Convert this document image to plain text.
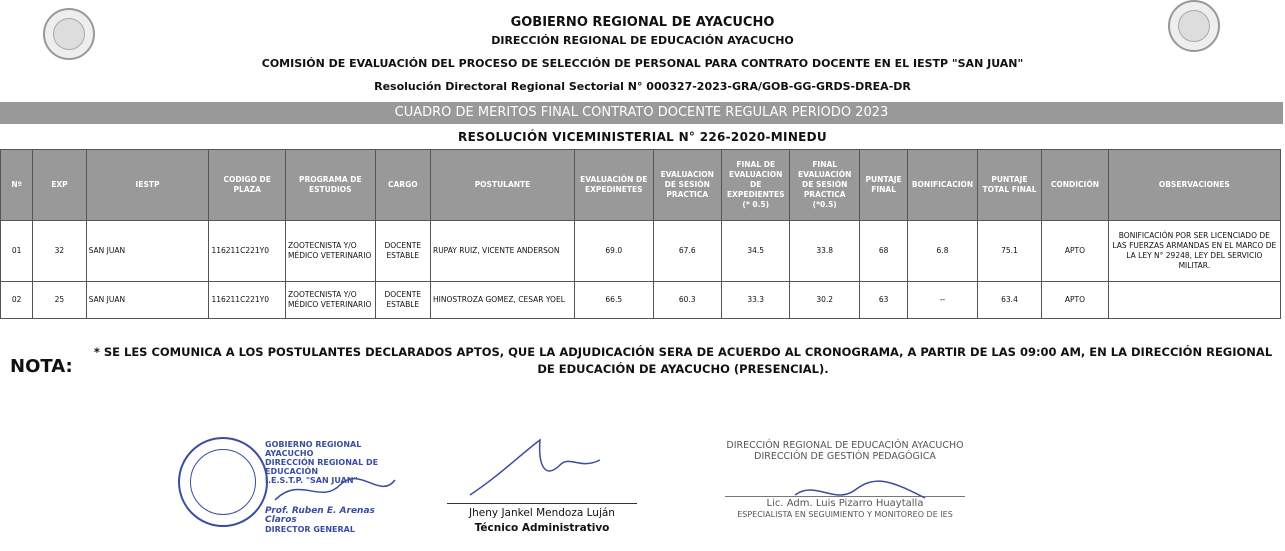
GOBIERNO REGIONAL DE AYACUCHO
DIRECCIÓN REGIONAL DE EDUCACIÓN AYACUCHO
COMISIÓN DE EVALUACIÓN DEL PROCESO DE SELECCIÓN DE PERSONAL PARA CONTRATO DOCENTE EN EL IESTP "SAN JUAN"
Resolución Directoral Regional Sectorial N° 000327-2023-GRA/GOB-GG-GRDS-DREA-DR
CUADRO DE MERITOS FINAL CONTRATO DOCENTE REGULAR PERIODO 2023
RESOLUCIÓN VICEMINISTERIAL N° 226-2020-MINEDU
Nº	EXP	IESTP	CODIGO DE PLAZA	PROGRAMA DE ESTUDIOS	CARGO	POSTULANTE	EVALUACIÓN DE EXPEDINETES	EVALUACION DE SESIÓN PRACTICA	FINAL DE EVALUACION DE EXPEDIENTES (* 0.5)	FINAL EVALUACIÓN DE SESIÓN PRACTICA (*0.5)	PUNTAJE FINAL	BONIFICACION	PUNTAJE TOTAL FINAL	CONDICIÓN	OBSERVACIONES
01	32	SAN JUAN	116211C221Y0	ZOOTECNISTA Y/O MÉDICO VETERINARIO	DOCENTE ESTABLE	RUPAY RUIZ, VICENTE ANDERSON	69.0	67.6	34.5	33.8	68	6.8	75.1	APTO	BONIFICACIÓN POR SER LICENCIADO DE LAS FUERZAS ARMANDAS EN EL MARCO DE LA LEY N° 29248, LEY DEL SERVICIO MILITAR.
02	25	SAN JUAN	116211C221Y0	ZOOTECNISTA Y/O MÉDICO VETERINARIO	DOCENTE ESTABLE	HINOSTROZA GOMEZ, CESAR YOEL	66.5	60.3	33.3	30.2	63	--	63.4	APTO	
NOTA:
* SE LES COMUNICA A LOS POSTULANTES DECLARADOS APTOS, QUE LA ADJUDICACIÓN SERA DE ACUERDO AL CRONOGRAMA, A PARTIR DE LAS 09:00 AM, EN LA DIRECCIÓN REGIONAL DE EDUCACIÓN DE AYACUCHO (PRESENCIAL).
GOBIERNO REGIONAL AYACUCHO
DIRECCIÓN REGIONAL DE EDUCACIÓN
I.E.S.T.P. "SAN JUAN"
Prof. Ruben E. Arenas Claros
DIRECTOR GENERAL
Jheny Jankel Mendoza Luján
Técnico Administrativo
DIRECCIÓN REGIONAL DE EDUCACIÓN AYACUCHO
DIRECCIÓN DE GESTIÓN PEDAGÓGICA
Lic. Adm. Luis Pizarro Huaytalla
ESPECIALISTA EN SEGUIMIENTO Y MONITOREO DE IES
